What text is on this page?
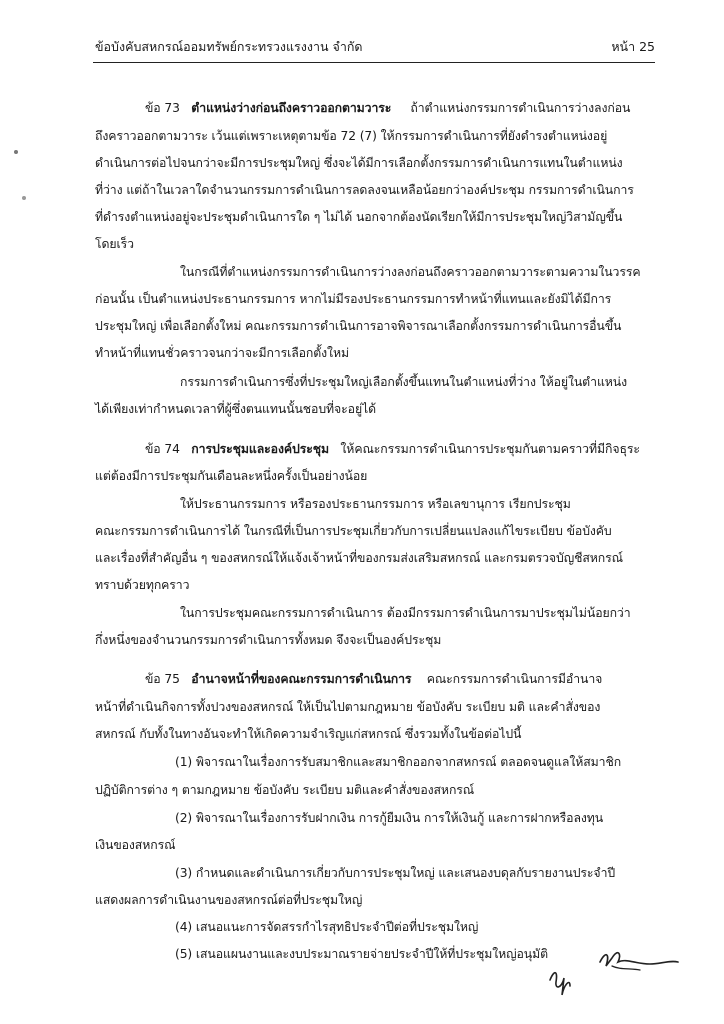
ข้อบังคับสหกรณ์ออมทรัพย์กระทรวงแรงงาน จำกัด	หน้า 25
ข้อ 73 ตำแหน่งว่างก่อนถึงคราวออกตามวาระ ถ้าตำแหน่งกรรมการดำเนินการว่างลงก่อน
ถึงคราวออกตามวาระ เว้นแต่เพราะเหตุตามข้อ 72 (7) ให้กรรมการดำเนินการที่ยังดำรงตำแหน่งอยู่
ดำเนินการต่อไปจนกว่าจะมีการประชุมใหญ่ ซึ่งจะได้มีการเลือกตั้งกรรมการดำเนินการแทนในตำแหน่ง
ที่ว่าง แต่ถ้าในเวลาใดจำนวนกรรมการดำเนินการลดลงจนเหลือน้อยกว่าองค์ประชุม กรรมการดำเนินการ
ที่ดำรงตำแหน่งอยู่จะประชุมดำเนินการใด ๆ ไม่ได้ นอกจากต้องนัดเรียกให้มีการประชุมใหญ่วิสามัญขึ้น
โดยเร็ว
ในกรณีที่ตำแหน่งกรรมการดำเนินการว่างลงก่อนถึงคราวออกตามวาระตามความในวรรค
ก่อนนั้น เป็นตำแหน่งประธานกรรมการ หากไม่มีรองประธานกรรมการทำหน้าที่แทนและยังมิได้มีการ
ประชุมใหญ่ เพื่อเลือกตั้งใหม่ คณะกรรมการดำเนินการอาจพิจารณาเลือกตั้งกรรมการดำเนินการอื่นขึ้น
ทำหน้าที่แทนชั่วคราวจนกว่าจะมีการเลือกตั้งใหม่
กรรมการดำเนินการซึ่งที่ประชุมใหญ่เลือกตั้งขึ้นแทนในตำแหน่งที่ว่าง ให้อยู่ในตำแหน่ง
ได้เพียงเท่ากำหนดเวลาที่ผู้ซึ่งตนแทนนั้นชอบที่จะอยู่ได้
ข้อ 74 การประชุมและองค์ประชุม ให้คณะกรรมการดำเนินการประชุมกันตามคราวที่มีกิจธุระ
แต่ต้องมีการประชุมกันเดือนละหนึ่งครั้งเป็นอย่างน้อย
ให้ประธานกรรมการ หรือรองประธานกรรมการ หรือเลขานุการ เรียกประชุม
คณะกรรมการดำเนินการได้ ในกรณีที่เป็นการประชุมเกี่ยวกับการเปลี่ยนแปลงแก้ไขระเบียบ ข้อบังคับ
และเรื่องที่สำคัญอื่น ๆ ของสหกรณ์ให้แจ้งเจ้าหน้าที่ของกรมส่งเสริมสหกรณ์ และกรมตรวจบัญชีสหกรณ์
ทราบด้วยทุกคราว
ในการประชุมคณะกรรมการดำเนินการ ต้องมีกรรมการดำเนินการมาประชุมไม่น้อยกว่า
กึ่งหนึ่งของจำนวนกรรมการดำเนินการทั้งหมด จึงจะเป็นองค์ประชุม
ข้อ 75 อำนาจหน้าที่ของคณะกรรมการดำเนินการ คณะกรรมการดำเนินการมีอำนาจ
หน้าที่ดำเนินกิจการทั้งปวงของสหกรณ์ ให้เป็นไปตามกฎหมาย ข้อบังคับ ระเบียบ มติ และคำสั่งของ
สหกรณ์ กับทั้งในทางอันจะทำให้เกิดความจำเริญแก่สหกรณ์ ซึ่งรวมทั้งในข้อต่อไปนี้
(1) พิจารณาในเรื่องการรับสมาชิกและสมาชิกออกจากสหกรณ์ ตลอดจนดูแลให้สมาชิก
ปฏิบัติการต่าง ๆ ตามกฎหมาย ข้อบังคับ ระเบียบ มติและคำสั่งของสหกรณ์
(2) พิจารณาในเรื่องการรับฝากเงิน การกู้ยืมเงิน การให้เงินกู้ และการฝากหรือลงทุน
เงินของสหกรณ์
(3) กำหนดและดำเนินการเกี่ยวกับการประชุมใหญ่ และเสนองบดุลกับรายงานประจำปี
แสดงผลการดำเนินงานของสหกรณ์ต่อที่ประชุมใหญ่
(4) เสนอแนะการจัดสรรกำไรสุทธิประจำปีต่อที่ประชุมใหญ่
(5) เสนอแผนงานและงบประมาณรายจ่ายประจำปีให้ที่ประชุมใหญ่อนุมัติ
